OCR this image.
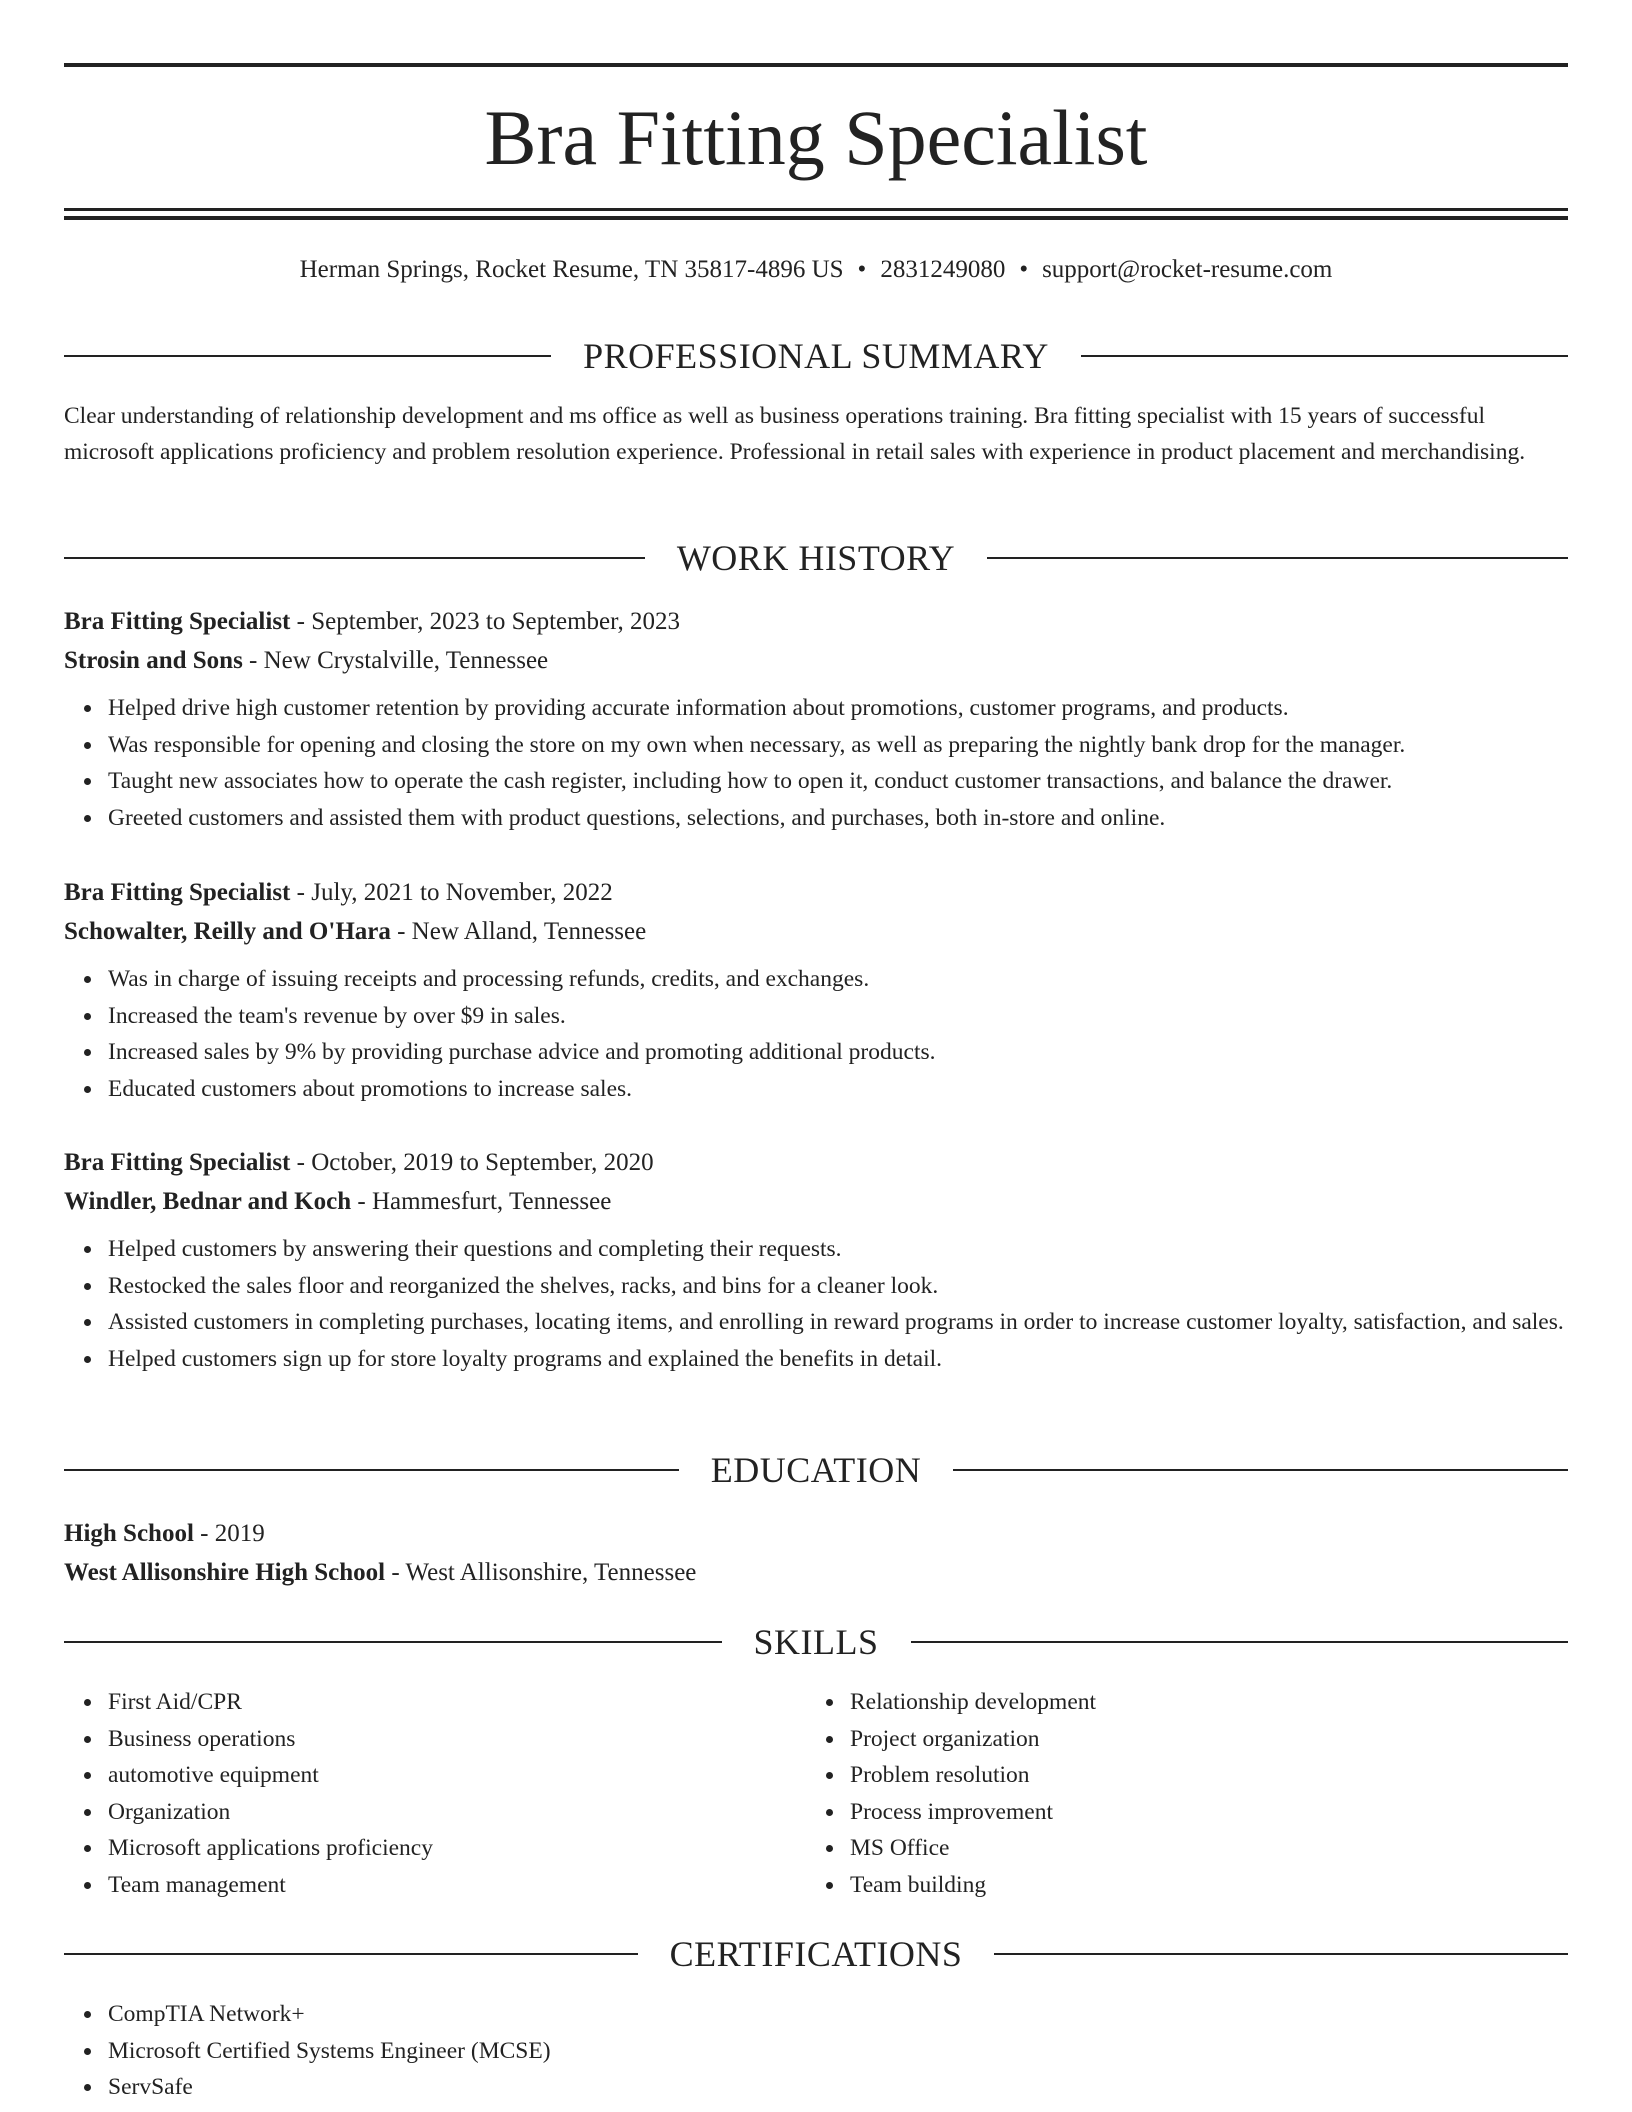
Bra Fitting Specialist
Herman Springs, Rocket Resume, TN 35817-4896 US • 2831249080 • support@rocket-resume.com
PROFESSIONAL SUMMARY
Clear understanding of relationship development and ms office as well as business operations training. Bra fitting specialist with 15 years of successful microsoft applications proficiency and problem resolution experience. Professional in retail sales with experience in product placement and merchandising.
WORK HISTORY
Bra Fitting Specialist - September, 2023 to September, 2023
Strosin and Sons - New Crystalville, Tennessee
Helped drive high customer retention by providing accurate information about promotions, customer programs, and products.
Was responsible for opening and closing the store on my own when necessary, as well as preparing the nightly bank drop for the manager.
Taught new associates how to operate the cash register, including how to open it, conduct customer transactions, and balance the drawer.
Greeted customers and assisted them with product questions, selections, and purchases, both in-store and online.
Bra Fitting Specialist - July, 2021 to November, 2022
Schowalter, Reilly and O'Hara - New Alland, Tennessee
Was in charge of issuing receipts and processing refunds, credits, and exchanges.
Increased the team's revenue by over $9 in sales.
Increased sales by 9% by providing purchase advice and promoting additional products.
Educated customers about promotions to increase sales.
Bra Fitting Specialist - October, 2019 to September, 2020
Windler, Bednar and Koch - Hammesfurt, Tennessee
Helped customers by answering their questions and completing their requests.
Restocked the sales floor and reorganized the shelves, racks, and bins for a cleaner look.
Assisted customers in completing purchases, locating items, and enrolling in reward programs in order to increase customer loyalty, satisfaction, and sales.
Helped customers sign up for store loyalty programs and explained the benefits in detail.
EDUCATION
High School - 2019
West Allisonshire High School - West Allisonshire, Tennessee
SKILLS
First Aid/CPR
Business operations
automotive equipment
Organization
Microsoft applications proficiency
Team management
Relationship development
Project organization
Problem resolution
Process improvement
MS Office
Team building
CERTIFICATIONS
CompTIA Network+
Microsoft Certified Systems Engineer (MCSE)
ServSafe
